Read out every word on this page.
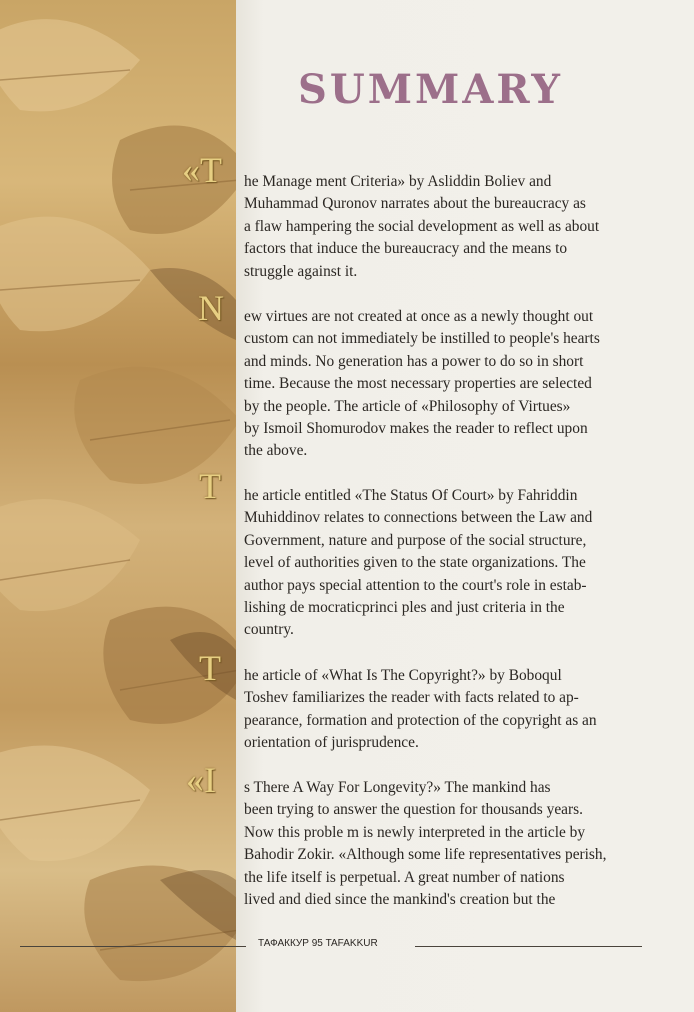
SUMMARY
«T
N
T
T
«I
he Manage ment Criteria» by Asliddin Boliev and
Muhammad Quronov narrates about the bureaucracy as
a flaw hampering the social development as well as about
factors that induce the bureaucracy and the means to
struggle against it.
ew virtues are not created at once as a newly thought out
custom can not immediately be instilled to people's hearts
and minds. No generation has a power to do so in short
time. Because the most necessary properties are selected
by the people. The article of «Philosophy of Virtues»
by Ismoil Shomurodov makes the reader to reflect upon
the above.
he article entitled «The Status Of Court» by Fahriddin
Muhiddinov relates to connections between the Law and
Government, nature and purpose of the social structure,
level of authorities given to the state organizations. The
author pays special attention to the court's role in estab-
lishing de mocraticprinci ples and just criteria in the
country.
he article of «What Is The Copyright?» by Boboqul
Toshev familiarizes the reader with facts related to ap-
pearance, formation and protection of the copyright as an
orientation of jurisprudence.
s There A Way For Longevity?» The mankind has
been trying to answer the question for thousands years.
Now this proble m is newly interpreted in the article by
Bahodir Zokir. «Although some life representatives perish,
the life itself is perpetual. A great number of nations
lived and died since the mankind's creation but the
ТАФАККУР 95 TAFAKKUR
